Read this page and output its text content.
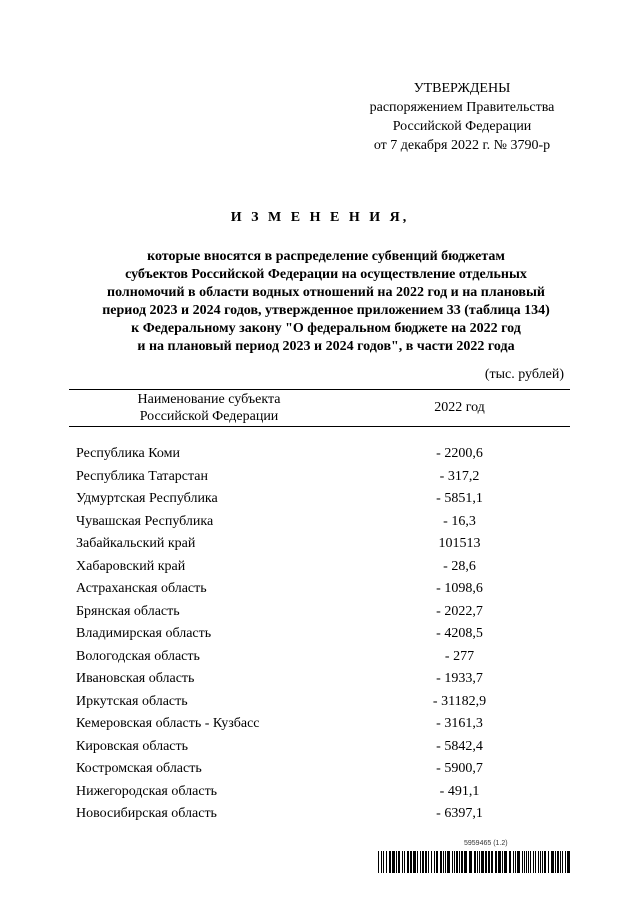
УТВЕРЖДЕНЫ
распоряжением Правительства
Российской Федерации
от 7 декабря 2022 г. № 3790-р
И З М Е Н Е Н И Я,
которые вносятся в распределение субвенций бюджетам
субъектов Российской Федерации на осуществление отдельных
полномочий в области водных отношений на 2022 год и на плановый
период 2023 и 2024 годов, утвержденное приложением 33 (таблица 134)
к Федеральному закону "О федеральном бюджете на 2022 год
и на плановый период 2023 и 2024 годов", в части 2022 года
(тыс. рублей)
Наименование субъекта
Российской Федерации
2022 год
Республика Коми	- 2200,6
Республика Татарстан	- 317,2
Удмуртская Республика	- 5851,1
Чувашская Республика	- 16,3
Забайкальский край	101513
Хабаровский край	- 28,6
Астраханская область	- 1098,6
Брянская область	- 2022,7
Владимирская область	- 4208,5
Вологодская область	- 277
Ивановская область	- 1933,7
Иркутская область	- 31182,9
Кемеровская область - Кузбасс	- 3161,3
Кировская область	- 5842,4
Костромская область	- 5900,7
Нижегородская область	- 491,1
Новосибирская область	- 6397,1
5959465 (1.2)
